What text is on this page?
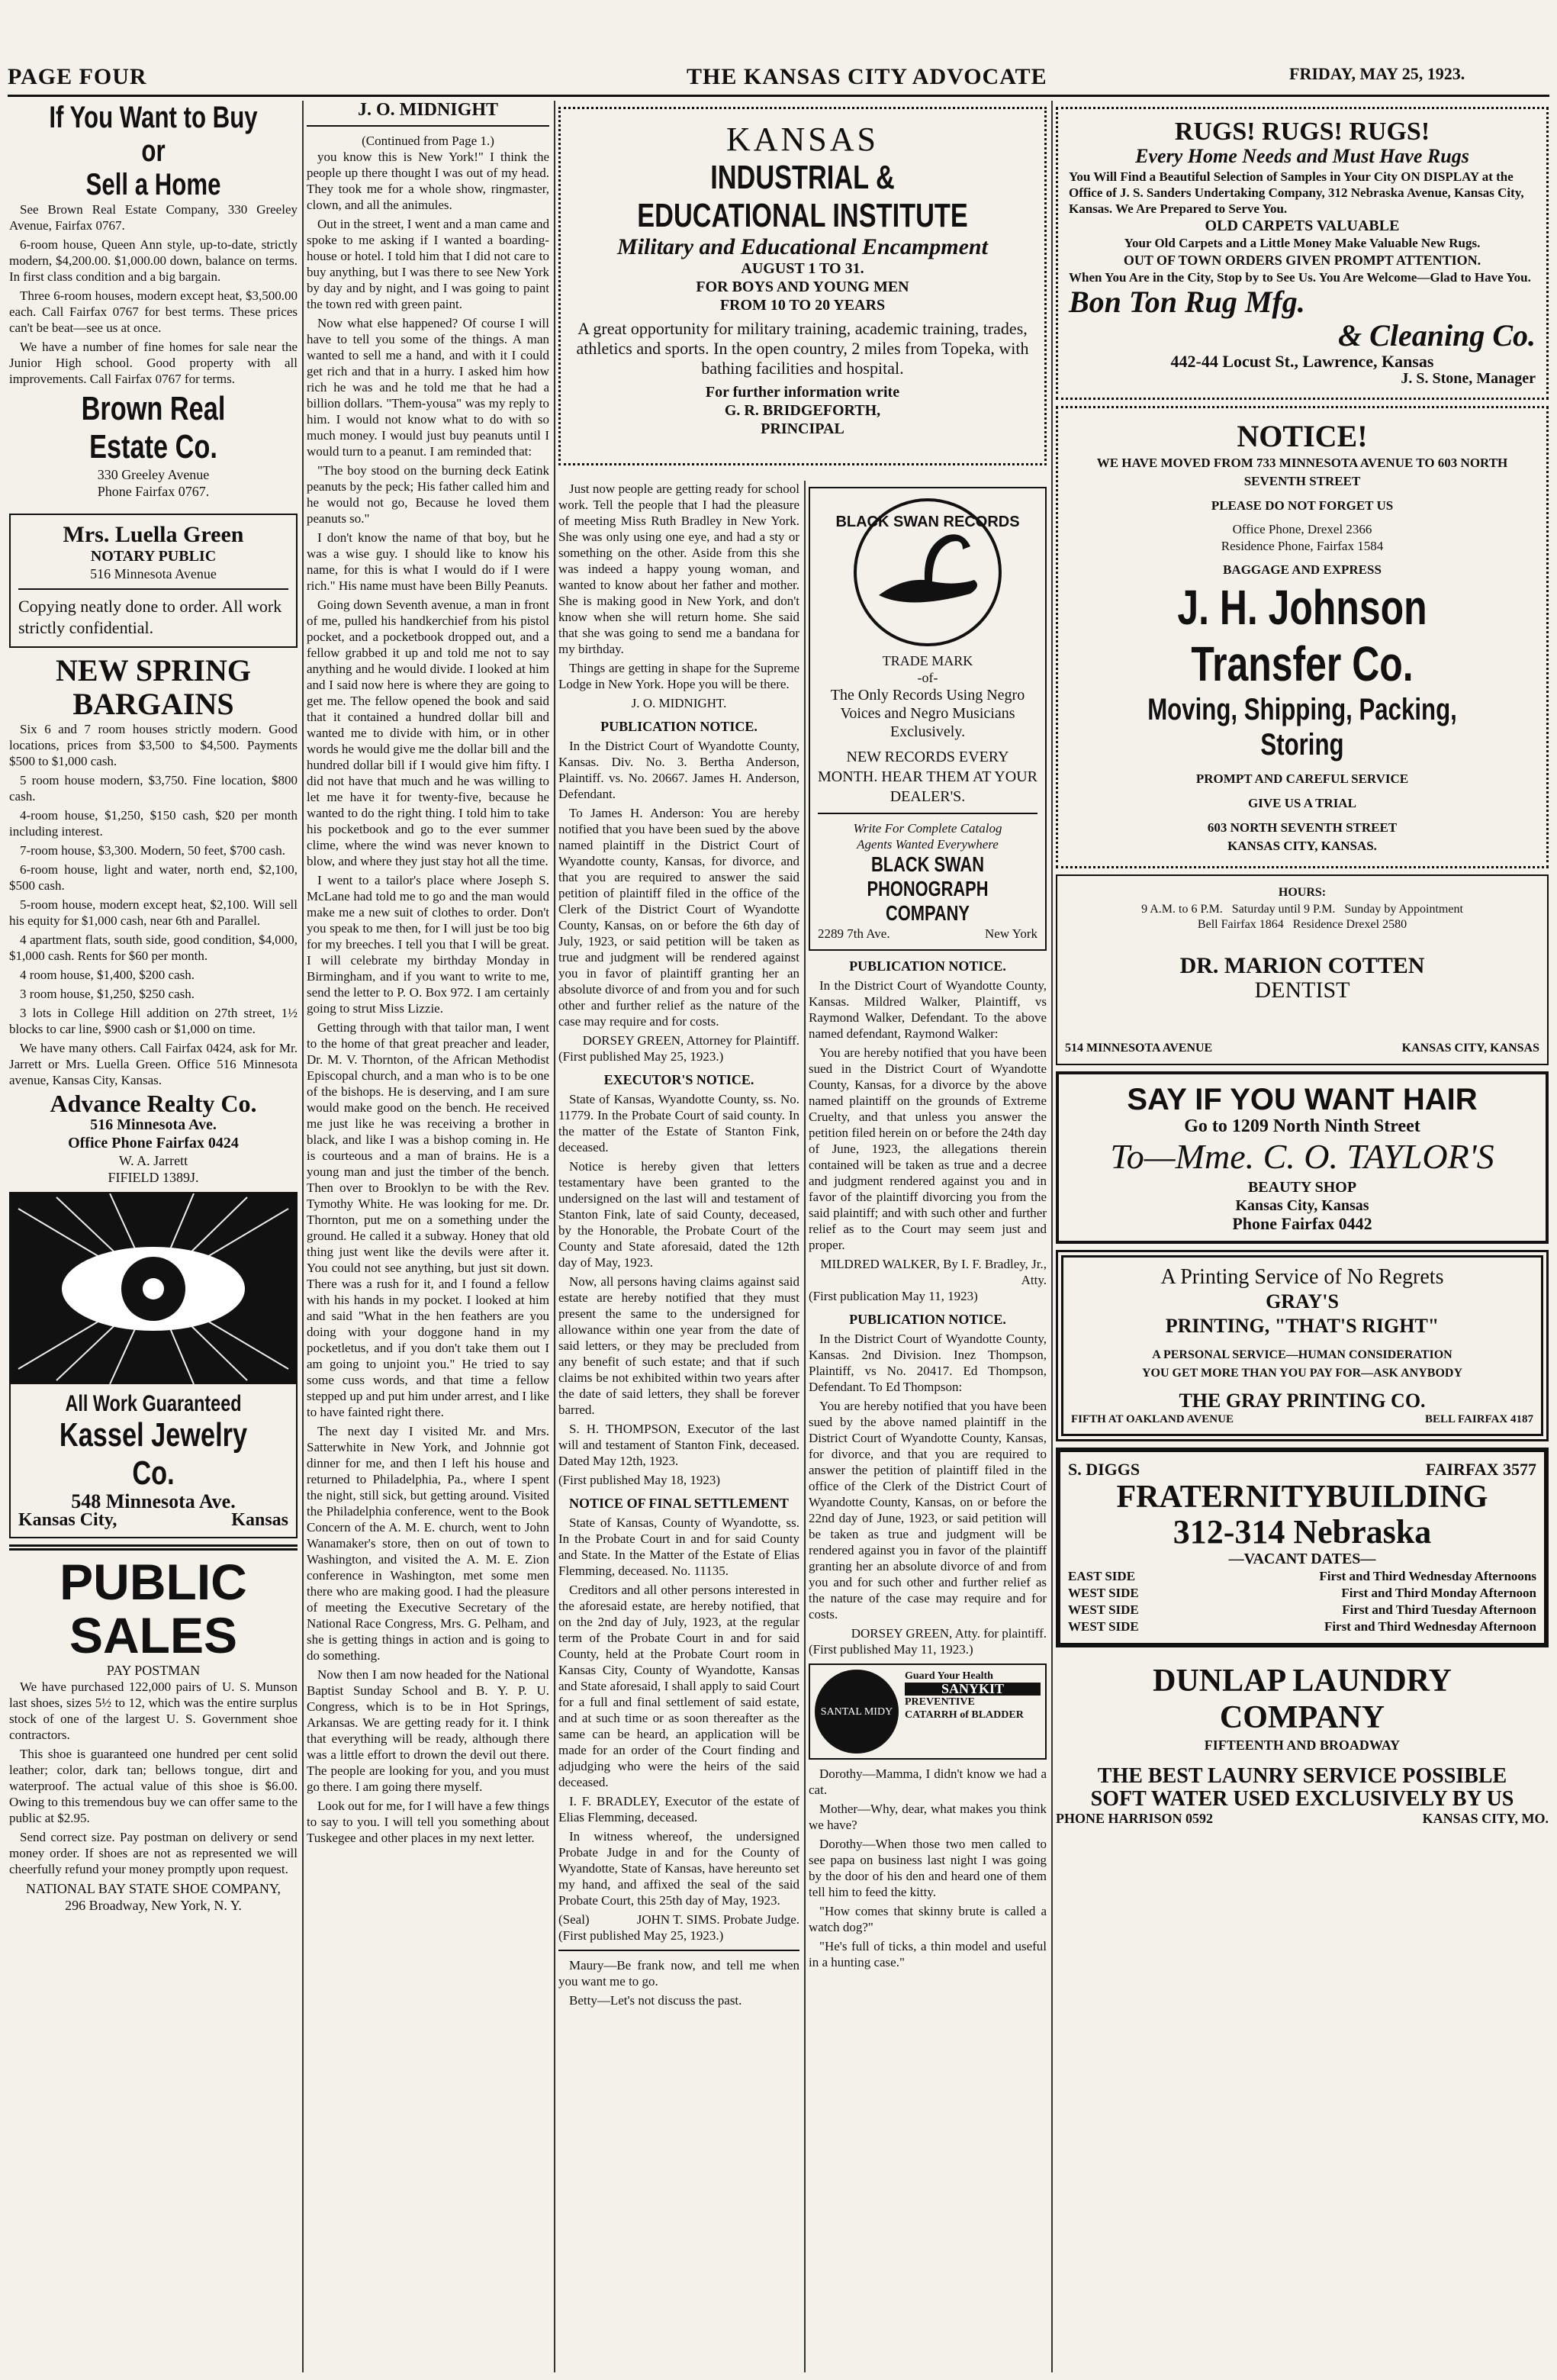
PAGE FOUR	THE KANSAS CITY ADVOCATE	FRIDAY, MAY 25, 1923.
If You Want to Buy or
Sell a Home

See Brown Real Estate Company, 330 Greeley Avenue, Fairfax 0767.

6-room house, Queen Ann style, up-to-date, strictly modern, $4,200.00. $1,000.00 down, balance on terms. In first class condition and a big bargain.

Three 6-room houses, modern except heat, $3,500.00 each. Call Fairfax 0767 for best terms. These prices can't be beat—see us at once.

We have a number of fine homes for sale near the Junior High school. Good property with all improvements. Call Fairfax 0767 for terms.

Brown Real Estate Co.
330 Greeley Avenue
Phone Fairfax 0767.
Mrs. Luella Green
NOTARY PUBLIC
516 Minnesota Avenue
Copying neatly done to order. All work strictly confidential.
NEW SPRING
BARGAINS

Six 6 and 7 room houses strictly modern. Good locations, prices from $3,500 to $4,500. Payments $500 to $1,000 cash.

5 room house modern, $3,750. Fine location, $800 cash.

4-room house, $1,250, $150 cash, $20 per month including interest.

7-room house, $3,300. Modern, 50 feet, $700 cash.

6-room house, light and water, north end, $2,100, $500 cash.

5-room house, modern except heat, $2,100. Will sell his equity for $1,000 cash, near 6th and Parallel.

4 apartment flats, south side, good condition, $4,000, $1,000 cash. Rents for $60 per month.

4 room house, $1,400, $200 cash.

3 room house, $1,250, $250 cash.

3 lots in College Hill addition on 27th street, 1½ blocks to car line, $900 cash or $1,000 on time.

We have many others. Call Fairfax 0424, ask for Mr. Jarrett or Mrs. Luella Green. Office 516 Minnesota avenue, Kansas City, Kansas.

Advance Realty Co.
516 Minnesota Ave.
Office Phone Fairfax 0424
W. A. Jarrett
FIFIELD 1389J.
All Work Guaranteed
Kassel Jewelry Co.
548 Minnesota Ave.
Kansas City,	Kansas
PUBLIC
SALES
PAY POSTMAN

We have purchased 122,000 pairs of U. S. Munson last shoes, sizes 5½ to 12, which was the entire surplus stock of one of the largest U. S. Government shoe contractors.

This shoe is guaranteed one hundred per cent solid leather; color, dark tan; bellows tongue, dirt and waterproof. The actual value of this shoe is $6.00. Owing to this tremendous buy we can offer same to the public at $2.95.

Send correct size. Pay postman on delivery or send money order. If shoes are not as represented we will cheerfully refund your money promptly upon request.

NATIONAL BAY STATE SHOE COMPANY,
296 Broadway, New York, N. Y.
J. O. MIDNIGHT
(Continued from Page 1.)

you know this is New York!" I think the people up there thought I was out of my head. They took me for a whole show, ringmaster, clown, and all the animules.

Out in the street, I went and a man came and spoke to me asking if I wanted a boarding-house or hotel. I told him that I did not care to buy anything, but I was there to see New York by day and by night, and I was going to paint the town red with green paint.

Now what else happened? Of course I will have to tell you some of the things. A man wanted to sell me a hand, and with it I could get rich and that in a hurry. I asked him how rich he was and he told me that he had a billion dollars. "Them-yousa" was my reply to him. I would not know what to do with so much money. I would just buy peanuts until I would turn to a peanut. I am reminded that:

"The boy stood on the burning deck Eatink peanuts by the peck; His father called him and he would not go, Because he loved them peanuts so."

I don't know the name of that boy, but he was a wise guy. I should like to know his name, for this is what I would do if I were rich." His name must have been Billy Peanuts.

Going down Seventh avenue, a man in front of me, pulled his handkerchief from his pistol pocket, and a pocketbook dropped out, and a fellow grabbed it up and told me not to say anything and he would divide. I looked at him and I said now here is where they are going to get me. The fellow opened the book and said that it contained a hundred dollar bill and wanted me to divide with him, or in other words he would give me the dollar bill and the hundred dollar bill if I would give him fifty. I did not have that much and he was willing to let me have it for twenty-five, because he wanted to do the right thing. I told him to take his pocketbook and go to the ever summer clime, where the wind was never known to blow, and where they just stay hot all the time.

I went to a tailor's place where Joseph S. McLane had told me to go and the man would make me a new suit of clothes to order. Don't you speak to me then, for I will just be too big for my breeches. I tell you that I will be great. I will celebrate my birthday Monday in Birmingham, and if you want to write to me, send the letter to P. O. Box 972. I am certainly going to strut Miss Lizzie.

Getting through with that tailor man, I went to the home of that great preacher and leader, Dr. M. V. Thornton, of the African Methodist Episcopal church, and a man who is to be one of the bishops. He is deserving, and I am sure would make good on the bench. He received me just like he was receiving a brother in black, and like I was a bishop coming in. He is courteous and a man of brains. He is a young man and just the timber of the bench. Then over to Brooklyn to be with the Rev. Tymothy White. He was looking for me. Dr. Thornton, put me on a something under the ground. He called it a subway. Honey that old thing just went like the devils were after it. You could not see anything, but just sit down. There was a rush for it, and I found a fellow with his hands in my pocket. I looked at him and said "What in the hen feathers are you doing with your doggone hand in my pocketletus, and if you don't take them out I am going to unjoint you." He tried to say some cuss words, and that time a fellow stepped up and put him under arrest, and I like to have fainted right there.

The next day I visited Mr. and Mrs. Satterwhite in New York, and Johnnie got dinner for me, and then I left his house and returned to Philadelphia, Pa., where I spent the night, still sick, but getting around. Visited the Philadelphia conference, went to the Book Concern of the A. M. E. church, went to John Wanamaker's store, then on out of town to Washington, and visited the A. M. E. Zion conference in Washington, met some men there who are making good. I had the pleasure of meeting the Executive Secretary of the National Race Congress, Mrs. G. Pelham, and she is getting things in action and is going to do something.

Now then I am now headed for the National Baptist Sunday School and B. Y. P. U. Congress, which is to be in Hot Springs, Arkansas. We are getting ready for it. I think that everything will be ready, although there was a little effort to drown the devil out there. The people are looking for you, and you must go there. I am going there myself.

Look out for me, for I will have a few things to say to you. I will tell you something about Tuskegee and other places in my next letter.

KANSAS
INDUSTRIAL & EDUCATIONAL INSTITUTE
Military and Educational Encampment
AUGUST 1 TO 31.
FOR BOYS AND YOUNG MEN
FROM 10 TO 20 YEARS
A great opportunity for military training, academic training, trades, athletics and sports. In the open country, 2 miles from Topeka, with bathing facilities and hospital.
For further information write
G. R. BRIDGEFORTH,
PRINCIPAL

Just now people are getting ready for school work. Tell the people that I had the pleasure of meeting Miss Ruth Bradley in New York. She was only using one eye, and had a sty or something on the other. Aside from this she was indeed a happy young woman, and wanted to know about her father and mother. She is making good in New York, and don't know when she will return home. She said that she was going to send me a bandana for my birthday.

Things are getting in shape for the Supreme Lodge in New York. Hope you will be there.

J. O. MIDNIGHT.
PUBLICATION NOTICE.

In the District Court of Wyandotte County, Kansas. Div. No. 3. Bertha Anderson, Plaintiff. vs. No. 20667. James H. Anderson, Defendant.

To James H. Anderson: You are hereby notified that you have been sued by the above named plaintiff in the District Court of Wyandotte county, Kansas, for divorce, and that you are required to answer the said petition of plaintiff filed in the office of the Clerk of the District Court of Wyandotte County, Kansas, on or before the 6th day of July, 1923, or said petition will be taken as true and judgment will be rendered against you in favor of plaintiff granting her an absolute divorce of and from you and for such other and further relief as the nature of the case may require and for costs.

DORSEY GREEN, Attorney for Plaintiff.
(First published May 25, 1923.)
EXECUTOR'S NOTICE.

State of Kansas, Wyandotte County, ss. No. 11779. In the Probate Court of said county. In the matter of the Estate of Stanton Fink, deceased.

Notice is hereby given that letters testamentary have been granted to the undersigned on the last will and testament of Stanton Fink, late of said County, deceased, by the Honorable, the Probate Court of the County and State aforesaid, dated the 12th day of May, 1923.

Now, all persons having claims against said estate are hereby notified that they must present the same to the undersigned for allowance within one year from the date of said letters, or they may be precluded from any benefit of such estate; and that if such claims be not exhibited within two years after the date of said letters, they shall be forever barred.

S. H. THOMPSON, Executor of the last will and testament of Stanton Fink, deceased. Dated May 12th, 1923.

(First published May 18, 1923)
NOTICE OF FINAL SETTLEMENT

State of Kansas, County of Wyandotte, ss. In the Probate Court in and for said County and State. In the Matter of the Estate of Elias Flemming, deceased. No. 11135.

Creditors and all other persons interested in the aforesaid estate, are hereby notified, that on the 2nd day of July, 1923, at the regular term of the Probate Court in and for said County, held at the Probate Court room in Kansas City, County of Wyandotte, Kansas and State aforesaid, I shall apply to said Court for a full and final settlement of said estate, and at such time or as soon thereafter as the same can be heard, an application will be made for an order of the Court finding and adjudging who were the heirs of the said deceased.

I. F. BRADLEY, Executor of the estate of Elias Flemming, deceased.

In witness whereof, the undersigned Probate Judge in and for the County of Wyandotte, State of Kansas, have hereunto set my hand, and affixed the seal of the said Probate Court, this 25th day of May, 1923.

(Seal)	JOHN T. SIMS. Probate Judge.
(First published May 25, 1923.)

Maury—Be frank now, and tell me when you want me to go.

Betty—Let's not discuss the past.

BLACK SWAN RECORDS
TRADE MARK
-of-
The Only Records Using Negro Voices and Negro Musicians Exclusively.
NEW RECORDS EVERY MONTH. HEAR THEM AT YOUR DEALER'S.
Write For Complete Catalog
Agents Wanted Everywhere
BLACK SWAN PHONOGRAPH COMPANY
2289 7th Ave.	New York
PUBLICATION NOTICE.

In the District Court of Wyandotte County, Kansas. Mildred Walker, Plaintiff, vs Raymond Walker, Defendant. To the above named defendant, Raymond Walker:

You are hereby notified that you have been sued in the District Court of Wyandotte County, Kansas, for a divorce by the above named plaintiff on the grounds of Extreme Cruelty, and that unless you answer the petition filed herein on or before the 24th day of June, 1923, the allegations therein contained will be taken as true and a decree and judgment rendered against you and in favor of the plaintiff divorcing you from the said plaintiff; and with such other and further relief as to the Court may seem just and proper.

MILDRED WALKER, By I. F. Bradley, Jr., Atty.
(First publication May 11, 1923)
PUBLICATION NOTICE.

In the District Court of Wyandotte County, Kansas. 2nd Division. Inez Thompson, Plaintiff, vs No. 20417. Ed Thompson, Defendant. To Ed Thompson:

You are hereby notified that you have been sued by the above named plaintiff in the District Court of Wyandotte County, Kansas, for divorce, and that you are required to answer the petition of plaintiff filed in the office of the Clerk of the District Court of Wyandotte County, Kansas, on or before the 22nd day of June, 1923, or said petition will be taken as true and judgment will be rendered against you in favor of the plaintiff granting her an absolute divorce of and from you and for such other and further relief as the nature of the case may require and for costs.

DORSEY GREEN, Atty. for plaintiff.
(First published May 11, 1923.)
SANTAL MIDY
Guard Your Health
SANYKIT
PREVENTIVE
CATARRH of BLADDER

Dorothy—Mamma, I didn't know we had a cat.

Mother—Why, dear, what makes you think we have?

Dorothy—When those two men called to see papa on business last night I was going by the door of his den and heard one of them tell him to feed the kitty.

"How comes that skinny brute is called a watch dog?"

"He's full of ticks, a thin model and useful in a hunting case."

RUGS! RUGS! RUGS!
Every Home Needs and Must Have Rugs
You Will Find a Beautiful Selection of Samples in Your City ON DISPLAY at the Office of J. S. Sanders Undertaking Company, 312 Nebraska Avenue, Kansas City, Kansas. We Are Prepared to Serve You.
OLD CARPETS VALUABLE
Your Old Carpets and a Little Money Make Valuable New Rugs.
OUT OF TOWN ORDERS GIVEN PROMPT ATTENTION.
When You Are in the City, Stop by to See Us. You Are Welcome—Glad to Have You.
Bon Ton Rug Mfg.
& Cleaning Co.
442-44 Locust St., Lawrence, Kansas
J. S. Stone, Manager
NOTICE!
WE HAVE MOVED FROM 733 MINNESOTA AVENUE TO 603 NORTH SEVENTH STREET
PLEASE DO NOT FORGET US
Office Phone, Drexel 2366
Residence Phone, Fairfax 1584
BAGGAGE AND EXPRESS
J. H. Johnson Transfer Co.
Moving, Shipping, Packing, Storing
PROMPT AND CAREFUL SERVICE
GIVE US A TRIAL
603 NORTH SEVENTH STREET
KANSAS CITY, KANSAS.
HOURS:
9 A.M. to 6 P.M.   Saturday until 9 P.M.   Sunday by Appointment
Bell Fairfax 1864   Residence Drexel 2580
DR. MARION COTTEN
DENTIST
514 MINNESOTA AVENUE	KANSAS CITY, KANSAS
SAY IF YOU WANT HAIR
Go to 1209 North Ninth Street
To—Mme. C. O. TAYLOR'S
BEAUTY SHOP
Kansas City, Kansas
Phone Fairfax 0442
A Printing Service of No Regrets
GRAY'S
PRINTING, "THAT'S RIGHT"
A PERSONAL SERVICE—HUMAN CONSIDERATION
YOU GET MORE THAN YOU PAY FOR—ASK ANYBODY
THE GRAY PRINTING CO.
FIFTH AT OAKLAND AVENUE	BELL FAIRFAX 4187
S. DIGGS	FAIRFAX 3577
FRATERNITYBUILDING
312-314 Nebraska
—VACANT DATES—
EAST SIDE	First and Third Wednesday Afternoons
WEST SIDE	First and Third Monday Afternoon
WEST SIDE	First and Third Tuesday Afternoon
WEST SIDE	First and Third Wednesday Afternoon
DUNLAP LAUNDRY
COMPANY
FIFTEENTH AND BROADWAY
THE BEST LAUNRY SERVICE POSSIBLE
SOFT WATER USED EXCLUSIVELY BY US
PHONE HARRISON 0592	KANSAS CITY, MO.
